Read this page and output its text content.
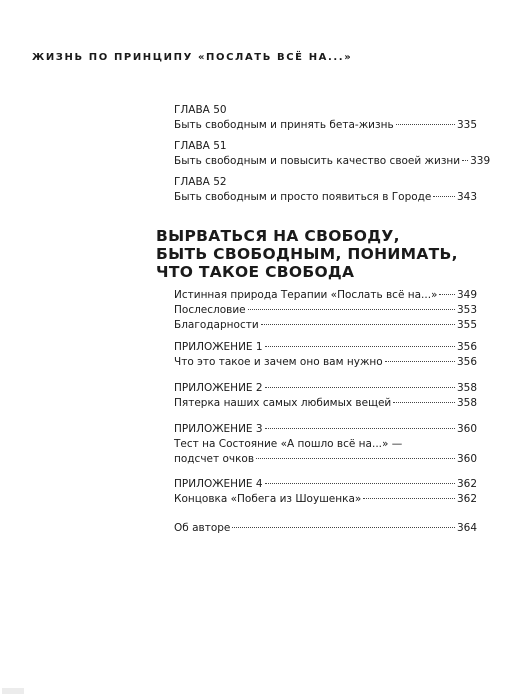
ЖИЗНЬ ПО ПРИНЦИПУ «ПОСЛАТЬ ВСЁ НА...»
ГЛАВА 50
Быть свободным и принять бета-жизнь	335
ГЛАВА 51
Быть свободным и повысить качество своей жизни 339
ГЛАВА 52
Быть свободным и просто появиться в Городе 343
ВЫРВАТЬСЯ НА СВОБОДУ,
БЫТЬ СВОБОДНЫМ, ПОНИМАТЬ,
ЧТО ТАКОЕ СВОБОДА
Истинная природа Терапии «Послать всё на...» 349
Послесловие	353
Благодарности	355
ПРИЛОЖЕНИЕ 1	356
Что это такое и зачем оно вам нужно	356
ПРИЛОЖЕНИЕ 2	358
Пятерка наших самых любимых вещей	358
ПРИЛОЖЕНИЕ 3	360
Тест на Состояние «А пошло всё на...» —
подсчет очков	360
ПРИЛОЖЕНИЕ 4	362
Концовка «Побега из Шоушенка»	362
Об авторе	364
